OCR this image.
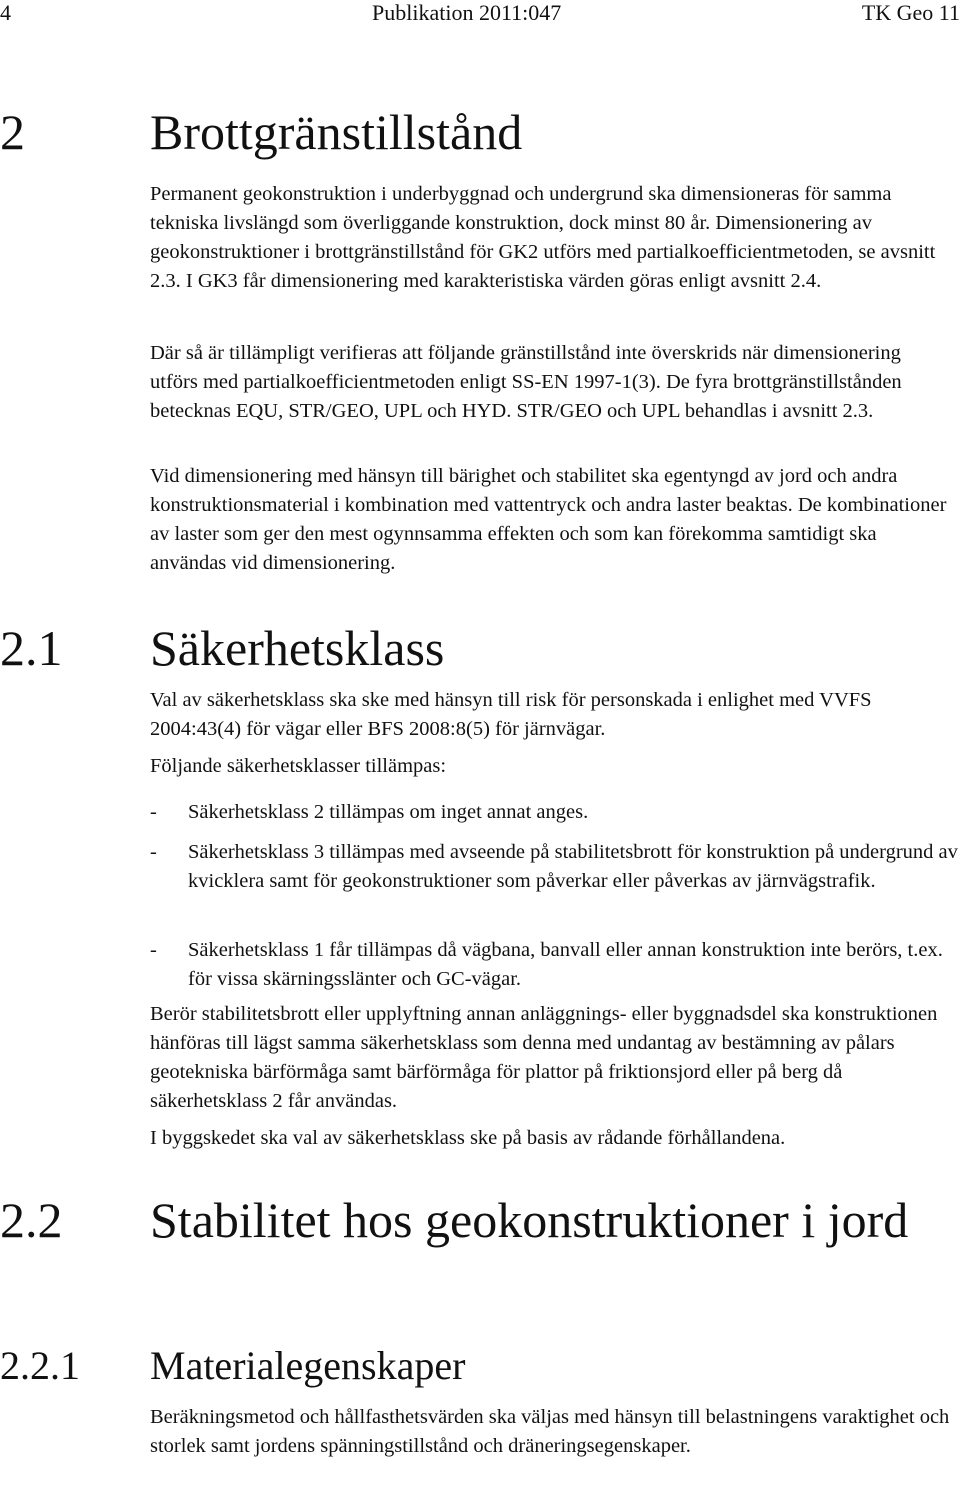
4	Publikation 2011:047	TK Geo 11
2	Brottgränstillstånd

Permanent geokonstruktion i underbyggnad och undergrund ska dimensioneras för samma tekniska livslängd som överliggande konstruktion, dock minst 80 år. Dimensionering av geokonstruktioner i brottgränstillstånd för GK2 utförs med partialkoefficientmetoden, se avsnitt 2.3. I GK3 får dimensionering med karakteristiska värden göras enligt avsnitt 2.4.

Där så är tillämpligt verifieras att följande gränstillstånd inte överskrids när dimensionering utförs med partialkoefficientmetoden enligt SS-EN 1997-1(3). De fyra brottgränstillstånden betecknas EQU, STR/GEO, UPL och HYD. STR/GEO och UPL behandlas i avsnitt 2.3.

Vid dimensionering med hänsyn till bärighet och stabilitet ska egentyngd av jord och andra konstruktionsmaterial i kombination med vattentryck och andra laster beaktas. De kombinationer av laster som ger den mest ogynnsamma effekten och som kan förekomma samtidigt ska användas vid dimensionering.

2.1 Säkerhetsklass

Val av säkerhetsklass ska ske med hänsyn till risk för personskada i enlighet med VVFS 2004:43(4) för vägar eller BFS 2008:8(5) för järnvägar.

Följande säkerhetsklasser tillämpas:

- Säkerhetsklass 2 tillämpas om inget annat anges.
- Säkerhetsklass 3 tillämpas med avseende på stabilitetsbrott för konstruktion på undergrund av kvicklera samt för geokonstruktioner som påverkar eller påverkas av järnvägstrafik.
- Säkerhetsklass 1 får tillämpas då vägbana, banvall eller annan konstruktion inte berörs, t.ex. för vissa skärningsslänter och GC-vägar.

Berör stabilitetsbrott eller upplyftning annan anläggnings- eller byggnadsdel ska konstruktionen hänföras till lägst samma säkerhetsklass som denna med undantag av bestämning av pålars geotekniska bärförmåga samt bärförmåga för plattor på friktionsjord eller på berg då säkerhetsklass 2 får användas.

I byggskedet ska val av säkerhetsklass ske på basis av rådande förhållandena.

2.2 Stabilitet hos geokonstruktioner i jord
2.2.1 Materialegenskaper

Beräkningsmetod och hållfasthetsvärden ska väljas med hänsyn till belastningens varaktighet och storlek samt jordens spänningstillstånd och dräneringsegenskaper.
